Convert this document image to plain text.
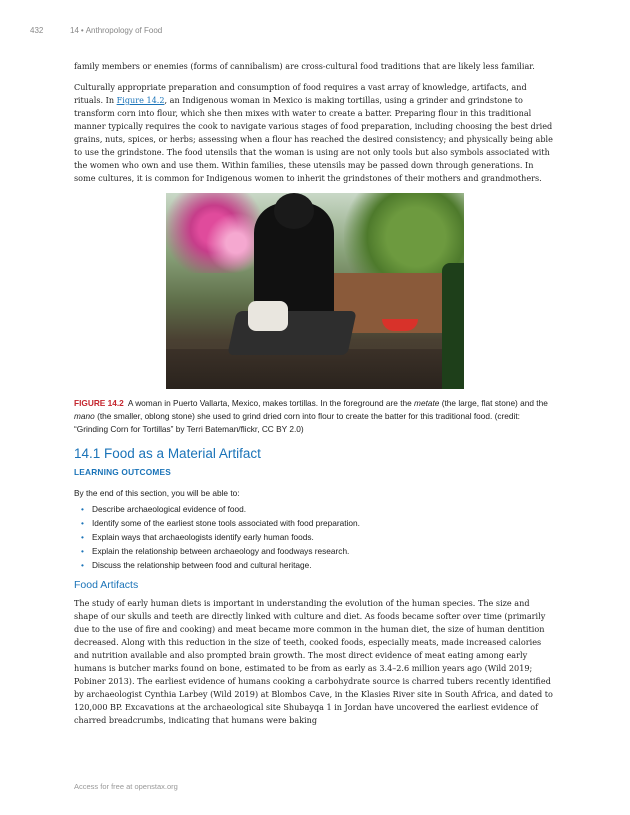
432	14 • Anthropology of Food

family members or enemies (forms of cannibalism) are cross-cultural food traditions that are likely less familiar.

Culturally appropriate preparation and consumption of food requires a vast array of knowledge, artifacts, and rituals. In Figure 14.2, an Indigenous woman in Mexico is making tortillas, using a grinder and grindstone to transform corn into flour, which she then mixes with water to create a batter. Preparing flour in this traditional manner typically requires the cook to navigate various stages of food preparation, including choosing the best dried grains, nuts, spices, or herbs; assessing when a flour has reached the desired consistency; and physically being able to use the grindstone. The food utensils that the woman is using are not only tools but also symbols associated with the women who own and use them. Within families, these utensils may be passed down through generations. In some cultures, it is common for Indigenous women to inherit the grindstones of their mothers and grandmothers.

FIGURE 14.2 A woman in Puerto Vallarta, Mexico, makes tortillas. In the foreground are the metate (the large, flat stone) and the mano (the smaller, oblong stone) she used to grind dried corn into flour to create the batter for this traditional food. (credit: “Grinding Corn for Tortillas” by Terri Bateman/flickr, CC BY 2.0)
14.1 Food as a Material Artifact
LEARNING OUTCOMES
By the end of this section, you will be able to:
• Describe archaeological evidence of food.
• Identify some of the earliest stone tools associated with food preparation.
• Explain ways that archaeologists identify early human foods.
• Explain the relationship between archaeology and foodways research.
• Discuss the relationship between food and cultural heritage.
Food Artifacts

The study of early human diets is important in understanding the evolution of the human species. The size and shape of our skulls and teeth are directly linked with culture and diet. As foods became softer over time (primarily due to the use of fire and cooking) and meat became more common in the human diet, the size of human dentition decreased. Along with this reduction in the size of teeth, cooked foods, especially meats, made increased calories and nutrition available and also prompted brain growth. The most direct evidence of meat eating among early humans is butcher marks found on bone, estimated to be from as early as 3.4–2.6 million years ago (Wild 2019; Pobiner 2013). The earliest evidence of humans cooking a carbohydrate source is charred tubers recently identified by archaeologist Cynthia Larbey (Wild 2019) at Blombos Cave, in the Klasies River site in South Africa, and dated to 120,000 BP. Excavations at the archaeological site Shubayqa 1 in Jordan have uncovered the earliest evidence of charred breadcrumbs, indicating that humans were baking

Access for free at openstax.org
